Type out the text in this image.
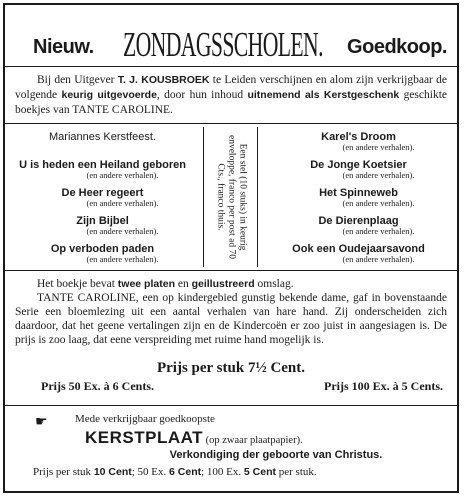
Nieuw. ZONDAGSSCHOLEN. Goedkoop.
Bij den Uitgever T. J. KOUSBROEK te Leiden verschijnen en alom zijn verkrijgbaar de volgende keurig uitgevoerde, door hun inhoud uitnemend als Kerstgeschenk geschikte boekjes van TANTE CAROLINE.
Mariannes Kerstfeest.
U is heden een Heiland geboren
(en andere verhalen).
De Heer regeert
(en andere verhalen).
Zijn Bijbel
(en andere verhalen).
Op verboden paden
(en andere verhalen).
Een stel (10 stuks) in keurig enveloppe, franco per post ad 70 Cts., franco thuis.
Karel's Droom
(en andere verhalen).
De Jonge Koetsier
(en andere verhalen).
Het Spinneweb
(en andere verhalen).
De Dierenplaag
(en andere verhalen).
Ook een Oudejaarsavond
(en andere verhalen).
Het boekje bevat twee platen en geillustreerd omslag.
TANTE CAROLINE, een op kindergebied gunstig bekende dame, gaf in bovenstaande Serie een bloemlezing uit een aantal verhalen van hare hand. Zij onderscheiden zich daardoor, dat het geene vertalingen zijn en de Kindercoën er zoo juist in aangesiagen is. De prijs is zoo laag, dat eene verspreiding met ruime hand mogelijk is.
Prijs per stuk 7½ Cent.
Prijs 50 Ex. à 6 Cents.	Prijs 100 Ex. à 5 Cents.
☛ Mede verkrijgbaar goedkoopste
KERSTPLAAT (op zwaar plaatpapier).
Verkondiging der geboorte van Christus.
Prijs per stuk 10 Cent; 50 Ex. 6 Cent; 100 Ex. 5 Cent per stuk.
